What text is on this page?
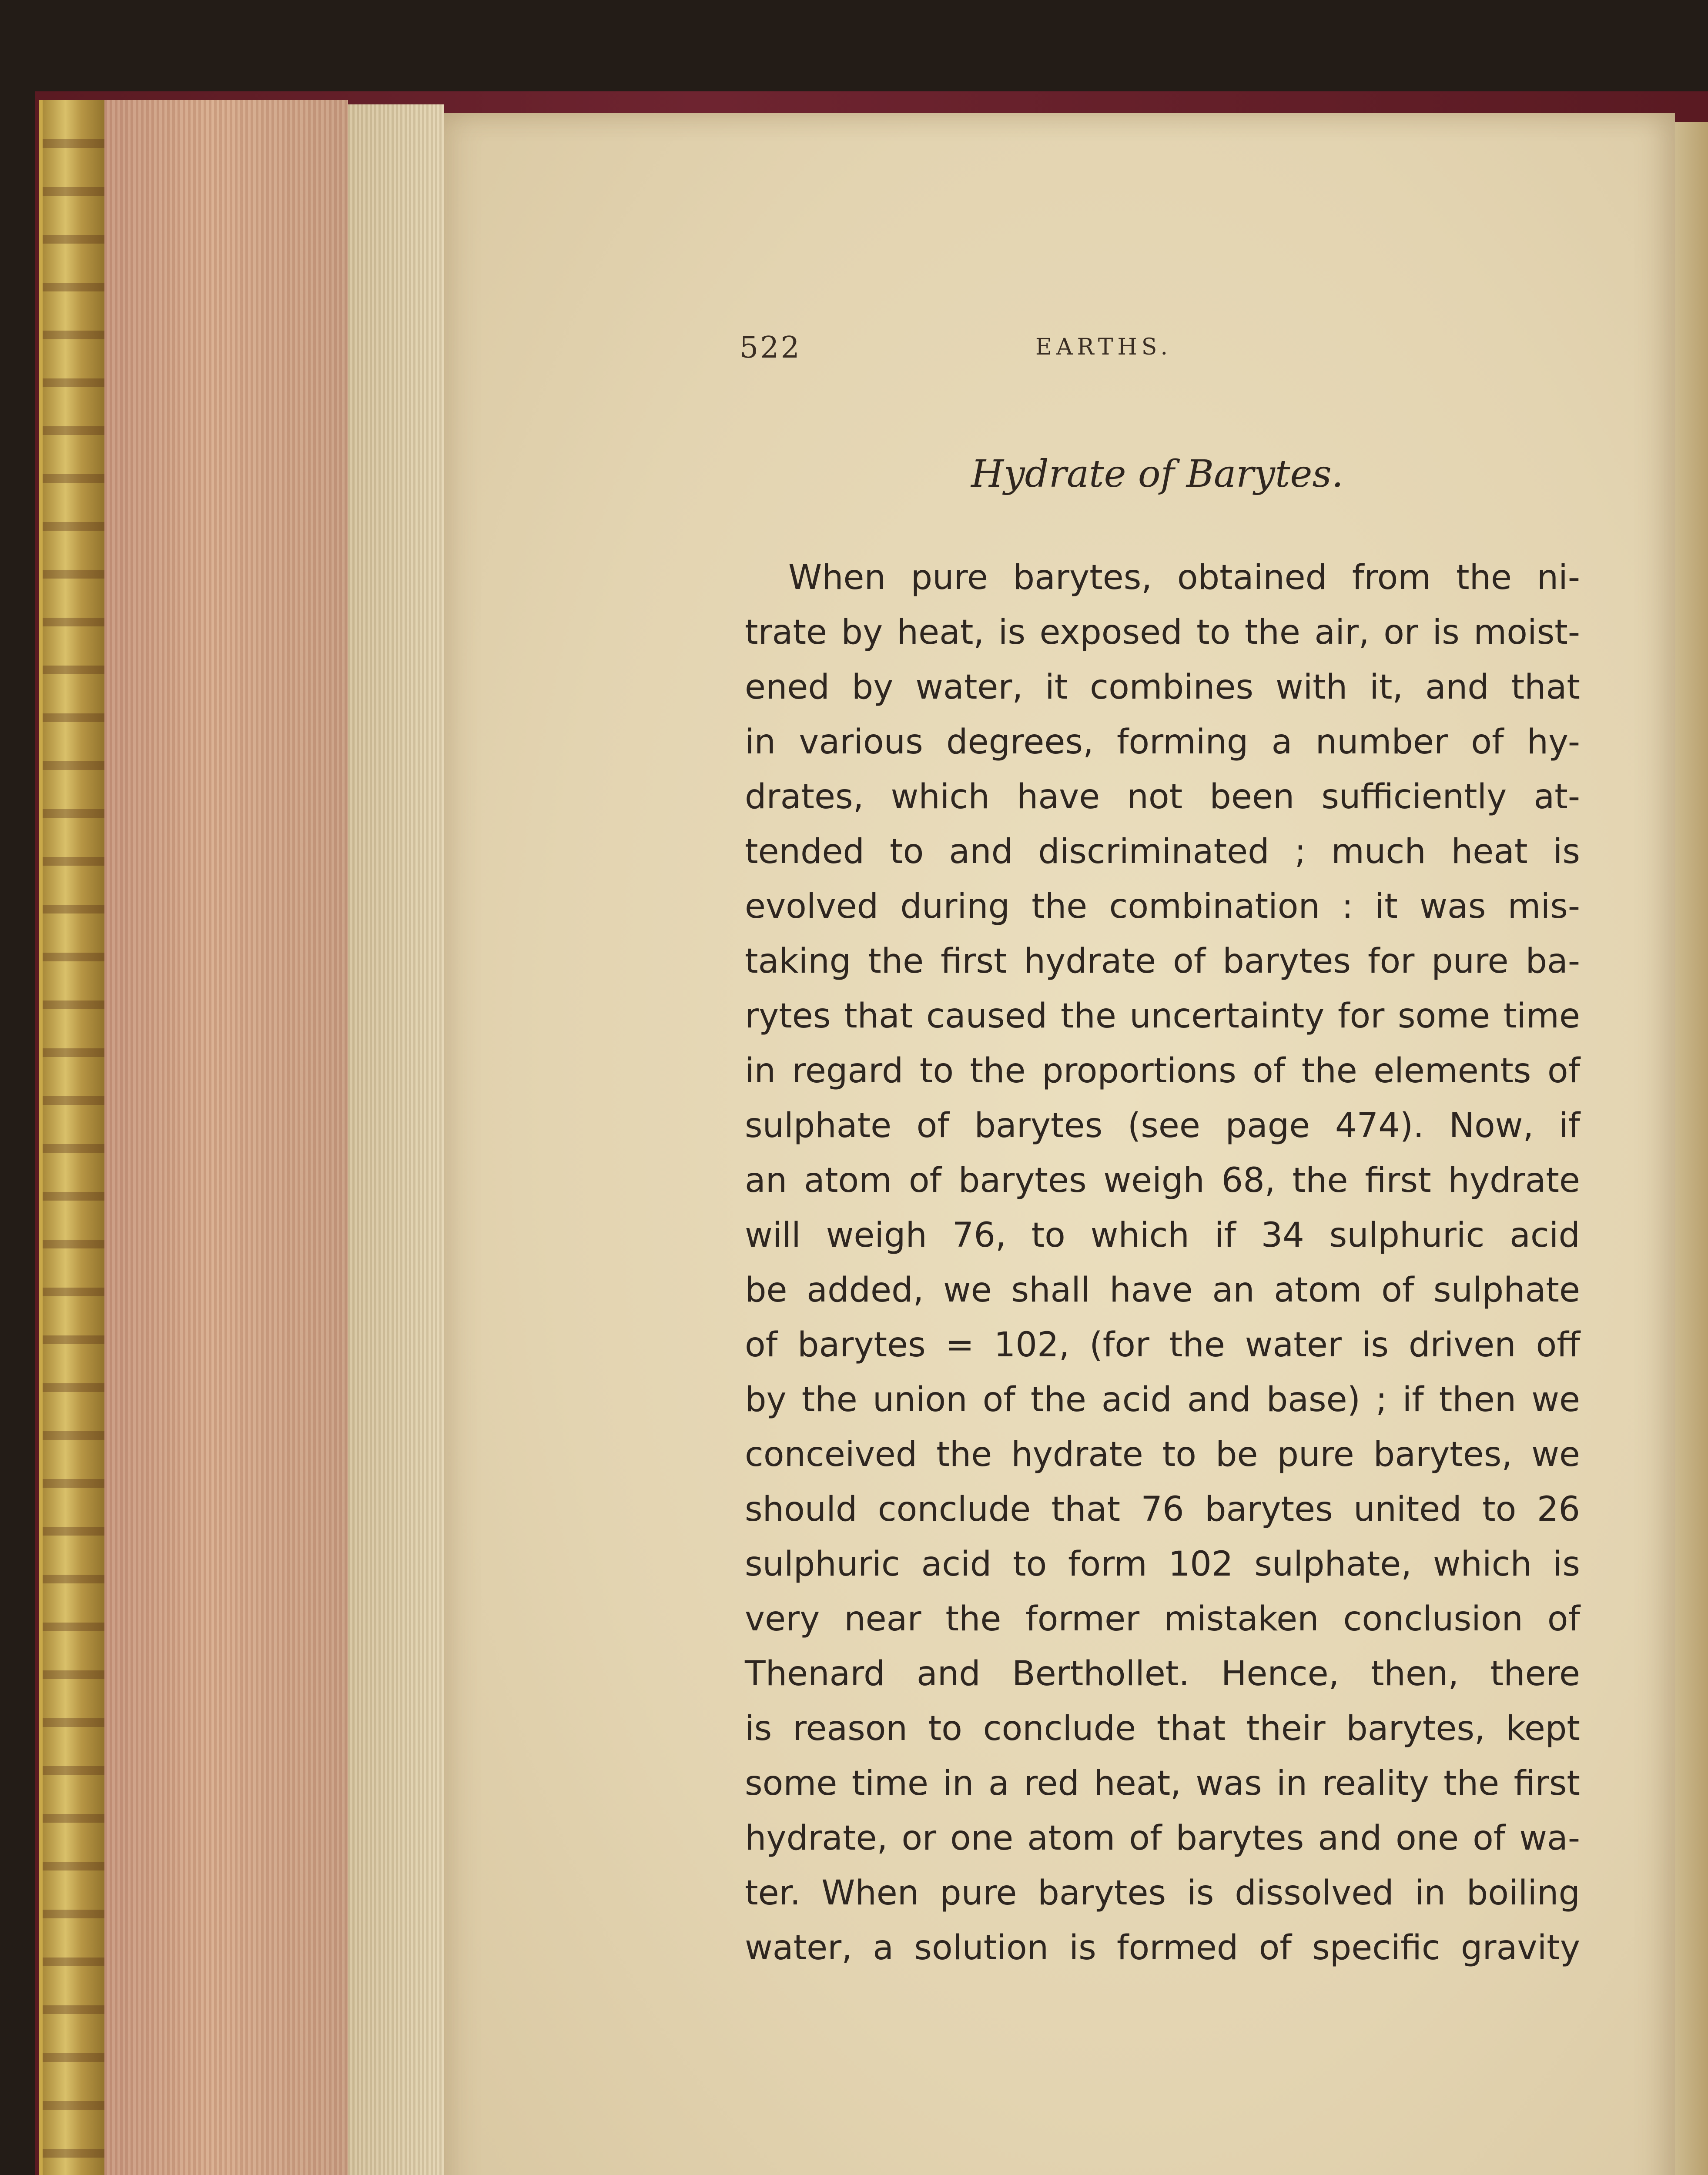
522	EARTHS.
Hydrate of Barytes.
When pure barytes, obtained from the ni-
trate by heat, is exposed to the air, or is moist-
ened by water, it combines with it, and that
in various degrees, forming a number of hy-
drates, which have not been sufficiently at-
tended to and discriminated ; much heat is
evolved during the combination : it was mis-
taking the first hydrate of barytes for pure ba-
rytes that caused the uncertainty for some time
in regard to the proportions of the elements of
sulphate of barytes (see page 474). Now, if
an atom of barytes weigh 68, the first hydrate
will weigh 76, to which if 34 sulphuric acid
be added, we shall have an atom of sulphate
of barytes = 102, (for the water is driven off
by the union of the acid and base) ; if then we
conceived the hydrate to be pure barytes, we
should conclude that 76 barytes united to 26
sulphuric acid to form 102 sulphate, which is
very near the former mistaken conclusion of
Thenard and Berthollet. Hence, then, there
is reason to conclude that their barytes, kept
some time in a red heat, was in reality the first
hydrate, or one atom of barytes and one of wa-
ter. When pure barytes is dissolved in boiling
water, a solution is formed of specific gravity
